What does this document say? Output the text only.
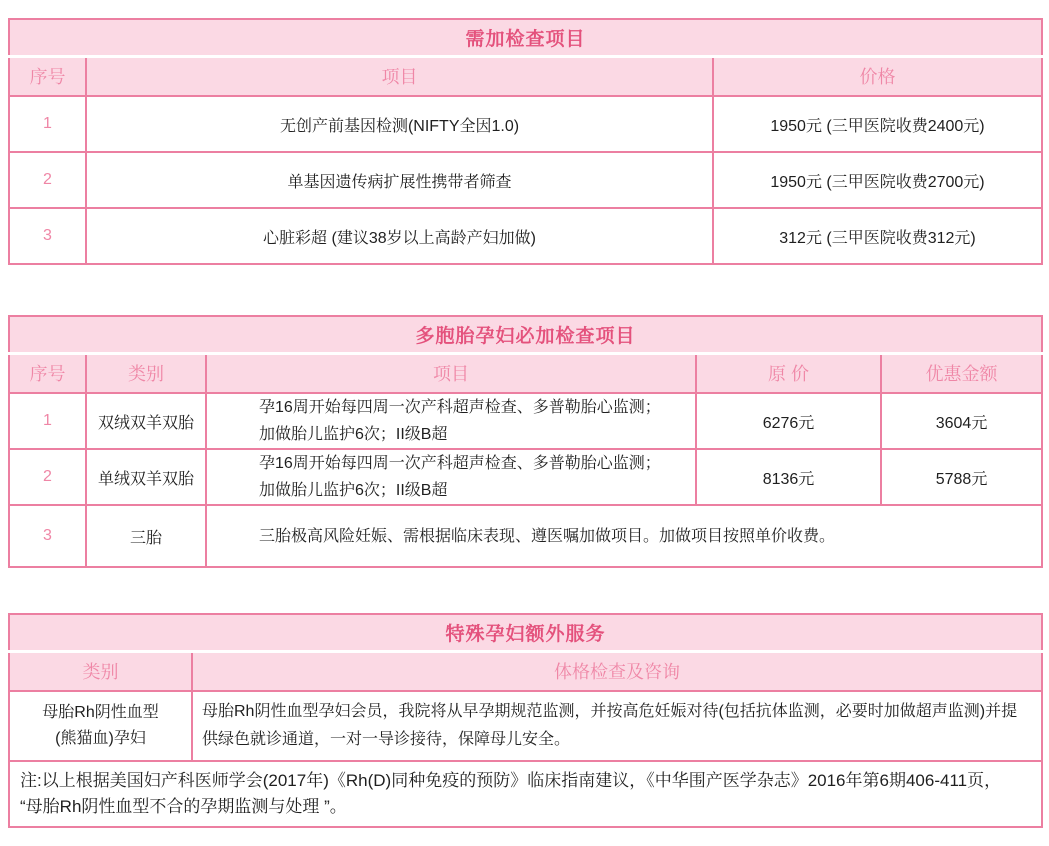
需加检查项目		
序号	项目	价格
1	无创产前基因检测(NIFTY全因1.0)	1950元 (三甲医院收费2400元)
2	单基因遗传病扩展性携带者筛查	1950元 (三甲医院收费2700元)
3	心脏彩超 (建议38岁以上高龄产妇加做)	312元 (三甲医院收费312元)
多胞胎孕妇必加检查项目				
序号	类别	项目	原 价	优惠金额
1	双绒双羊双胎	孕16周开始每四周一次产科超声检查、多普勒胎心监测；
加做胎儿监护6次；II级B超	6276元	3604元
2	单绒双羊双胎	孕16周开始每四周一次产科超声检查、多普勒胎心监测；
加做胎儿监护6次；II级B超	8136元	5788元
3	三胎	三胎极高风险妊娠、需根据临床表现、遵医嘱加做项目。加做项目按照单价收费。		
特殊孕妇额外服务	
类别	体格检查及咨询

母胎Rh阴性血型
(熊猫血)孕妇	母胎Rh阴性血型孕妇会员，我院将从早孕期规范监测，并按高危妊娠对待(包括抗体监测，必要时加做超声监测)并提供绿色就诊通道，一对一导诊接待，保障母儿安全。

注:以上根据美国妇产科医师学会(2017年)《Rh(D)同种免疫的预防》临床指南建议，《中华围产医学杂志》2016年第6期406-411页，
“母胎Rh阴性血型不合的孕期监测与处理 ”。	
